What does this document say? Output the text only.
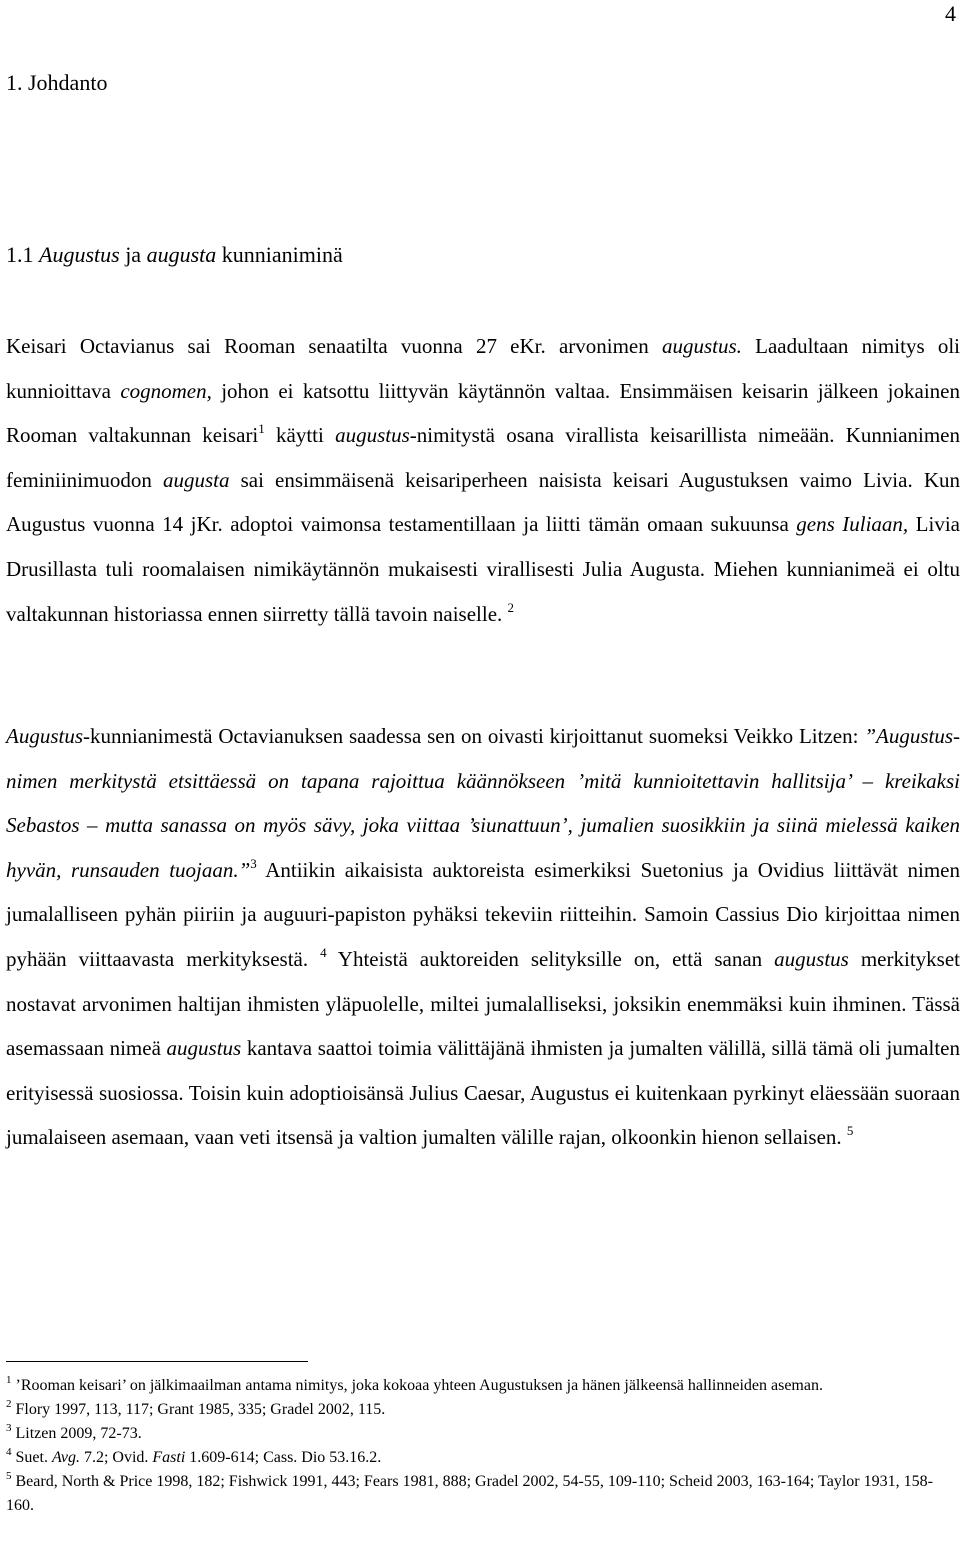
4
1. Johdanto
1.1 Augustus ja augusta kunnianiminä

Keisari Octavianus sai Rooman senaatilta vuonna 27 eKr. arvonimen augustus. Laadultaan nimitys oli kunnioittava cognomen, johon ei katsottu liittyvän käytännön valtaa. Ensimmäisen keisarin jälkeen jokainen Rooman valtakunnan keisari$^1$ käytti augustus-nimitystä osana virallista keisarillista nimeään. Kunnianimen feminiinimuodon augusta sai ensimmäisenä keisariperheen naisista keisari Augustuksen vaimo Livia. Kun Augustus vuonna 14 jKr. adoptoi vaimonsa testamentillaan ja liitti tämän omaan sukuunsa gens Iuliaan, Livia Drusillasta tuli roomalaisen nimikäytännön mukaisesti virallisesti Julia Augusta. Miehen kunnianimeä ei oltu valtakunnan historiassa ennen siirretty tällä tavoin naiselle. $^2$

Augustus-kunnianimestä Octavianuksen saadessa sen on oivasti kirjoittanut suomeksi Veikko Litzen: ”Augustus-nimen merkitystä etsittäessä on tapana rajoittua käännökseen ’mitä kunnioitettavin hallitsija’ – kreikaksi Sebastos – mutta sanassa on myös sävy, joka viittaa ’siunattuun’, jumalien suosikkiin ja siinä mielessä kaiken hyvän, runsauden tuojaan.”$^3$ Antiikin aikaisista auktoreista esimerkiksi Suetonius ja Ovidius liittävät nimen jumalalliseen pyhän piiriin ja auguuri-papiston pyhäksi tekeviin riitteihin. Samoin Cassius Dio kirjoittaa nimen pyhään viittaavasta merkityksestä. $^4$ Yhteistä auktoreiden selityksille on, että sanan augustus merkitykset nostavat arvonimen haltijan ihmisten yläpuolelle, miltei jumalalliseksi, joksikin enemmäksi kuin ihminen. Tässä asemassaan nimeä augustus kantava saattoi toimia välittäjänä ihmisten ja jumalten välillä, sillä tämä oli jumalten erityisessä suosiossa. Toisin kuin adoptioisänsä Julius Caesar, Augustus ei kuitenkaan pyrkinyt eläessään suoraan jumalaiseen asemaan, vaan veti itsensä ja valtion jumalten välille rajan, olkoonkin hienon sellaisen. $^5$

$^1$ ’Rooman keisari’ on jälkimaailman antama nimitys, joka kokoaa yhteen Augustuksen ja hänen jälkeensä hallinneiden aseman.

$^2$ Flory 1997, 113, 117; Grant 1985, 335; Gradel 2002, 115.

$^3$ Litzen 2009, 72-73.

$^4$ Suet. Avg. 7.2; Ovid. Fasti 1.609-614; Cass. Dio 53.16.2.

$^5$ Beard, North & Price 1998, 182; Fishwick 1991, 443; Fears 1981, 888; Gradel 2002, 54-55, 109-110; Scheid 2003, 163-164; Taylor 1931, 158-160.
